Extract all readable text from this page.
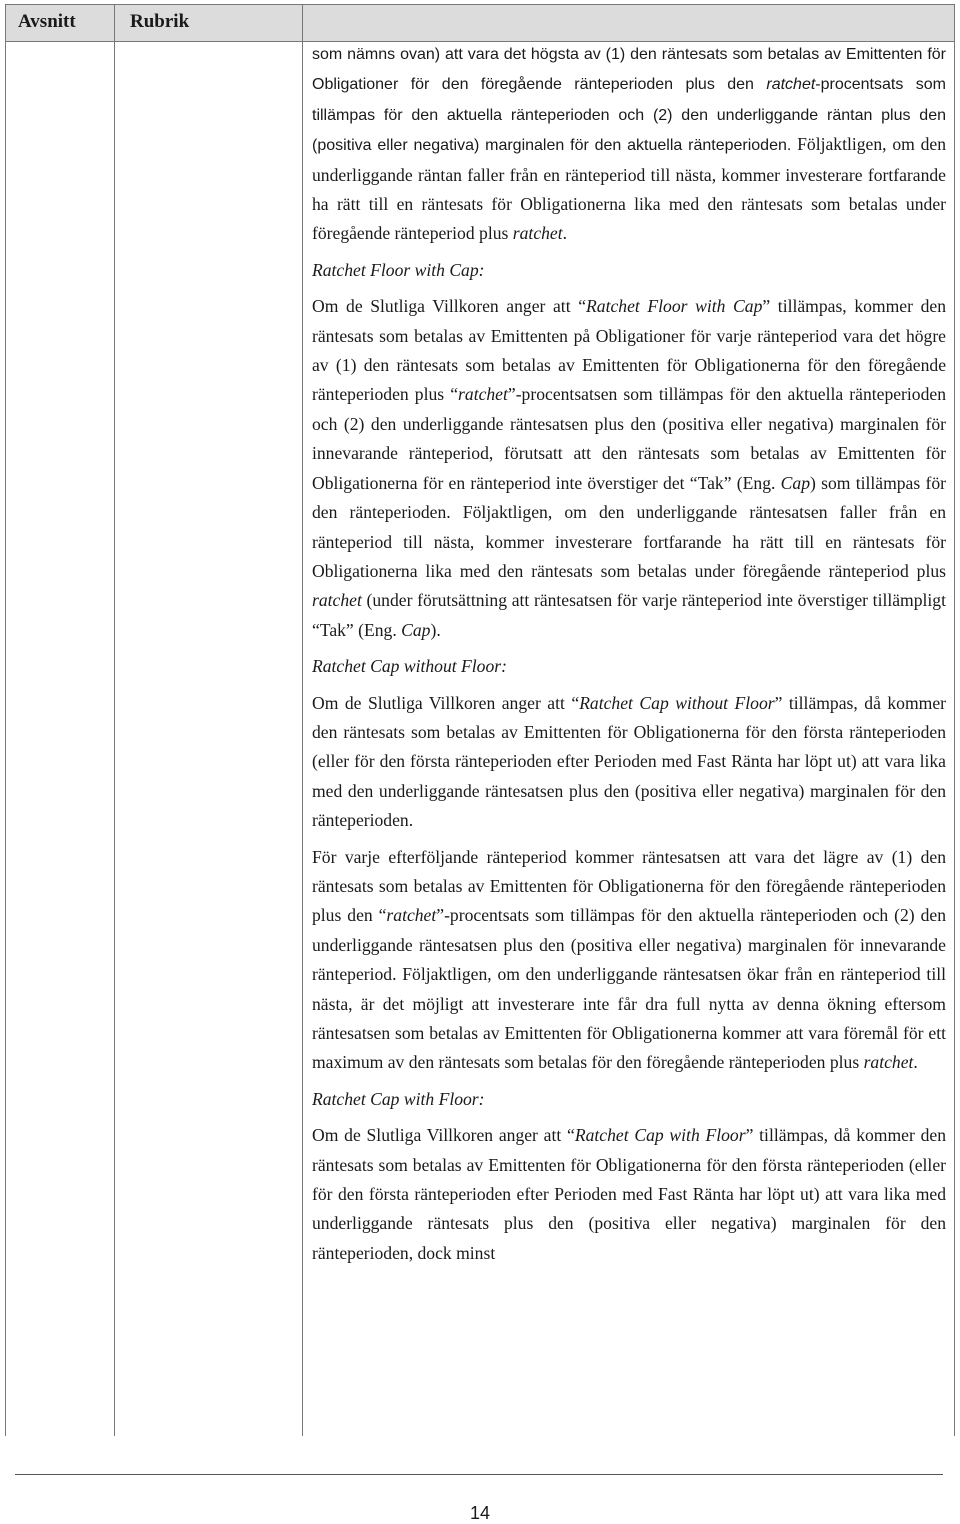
Avsnitt	Rubrik

som nämns ovan) att vara det högsta av (1) den räntesats som betalas av Emittenten för Obligationer för den föregående ränteperioden plus den ratchet-procentsats som tillämpas för den aktuella ränteperioden och (2) den underliggande räntan plus den (positiva eller negativa) marginalen för den aktuella ränteperioden. Följaktligen, om den underliggande räntan faller från en ränteperiod till nästa, kommer investerare fortfarande ha rätt till en räntesats för Obligationerna lika med den räntesats som betalas under föregående ränteperiod plus ratchet.

Ratchet Floor with Cap:

Om de Slutliga Villkoren anger att “Ratchet Floor with Cap” tillämpas, kommer den räntesats som betalas av Emittenten på Obligationer för varje ränteperiod vara det högre av (1) den räntesats som betalas av Emittenten för Obligationerna för den föregående ränteperioden plus “ratchet”-procentsatsen som tillämpas för den aktuella ränteperioden och (2) den underliggande räntesatsen plus den (positiva eller negativa) marginalen för innevarande ränteperiod, förutsatt att den räntesats som betalas av Emittenten för Obligationerna för en ränteperiod inte överstiger det “Tak” (Eng. Cap) som tillämpas för den ränteperioden. Följaktligen, om den underliggande räntesatsen faller från en ränteperiod till nästa, kommer investerare fortfarande ha rätt till en räntesats för Obligationerna lika med den räntesats som betalas under föregående ränteperiod plus ratchet (under förutsättning att räntesatsen för varje ränteperiod inte överstiger tillämpligt “Tak” (Eng. Cap).

Ratchet Cap without Floor:

Om de Slutliga Villkoren anger att “Ratchet Cap without Floor” tillämpas, då kommer den räntesats som betalas av Emittenten för Obligationerna för den första ränteperioden (eller för den första ränteperioden efter Perioden med Fast Ränta har löpt ut) att vara lika med den underliggande räntesatsen plus den (positiva eller negativa) marginalen för den ränteperioden.

För varje efterföljande ränteperiod kommer räntesatsen att vara det lägre av (1) den räntesats som betalas av Emittenten för Obligationerna för den föregående ränteperioden plus den “ratchet”-procentsats som tillämpas för den aktuella ränteperioden och (2) den underliggande räntesatsen plus den (positiva eller negativa) marginalen för innevarande ränteperiod. Följaktligen, om den underliggande räntesatsen ökar från en ränteperiod till nästa, är det möjligt att investerare inte får dra full nytta av denna ökning eftersom räntesatsen som betalas av Emittenten för Obligationerna kommer att vara föremål för ett maximum av den räntesats som betalas för den föregående ränteperioden plus ratchet.

Ratchet Cap with Floor:

Om de Slutliga Villkoren anger att “Ratchet Cap with Floor” tillämpas, då kommer den räntesats som betalas av Emittenten för Obligationerna för den första ränteperioden (eller för den första ränteperioden efter Perioden med Fast Ränta har löpt ut) att vara lika med underliggande räntesats plus den (positiva eller negativa) marginalen för den ränteperioden, dock minst

14
